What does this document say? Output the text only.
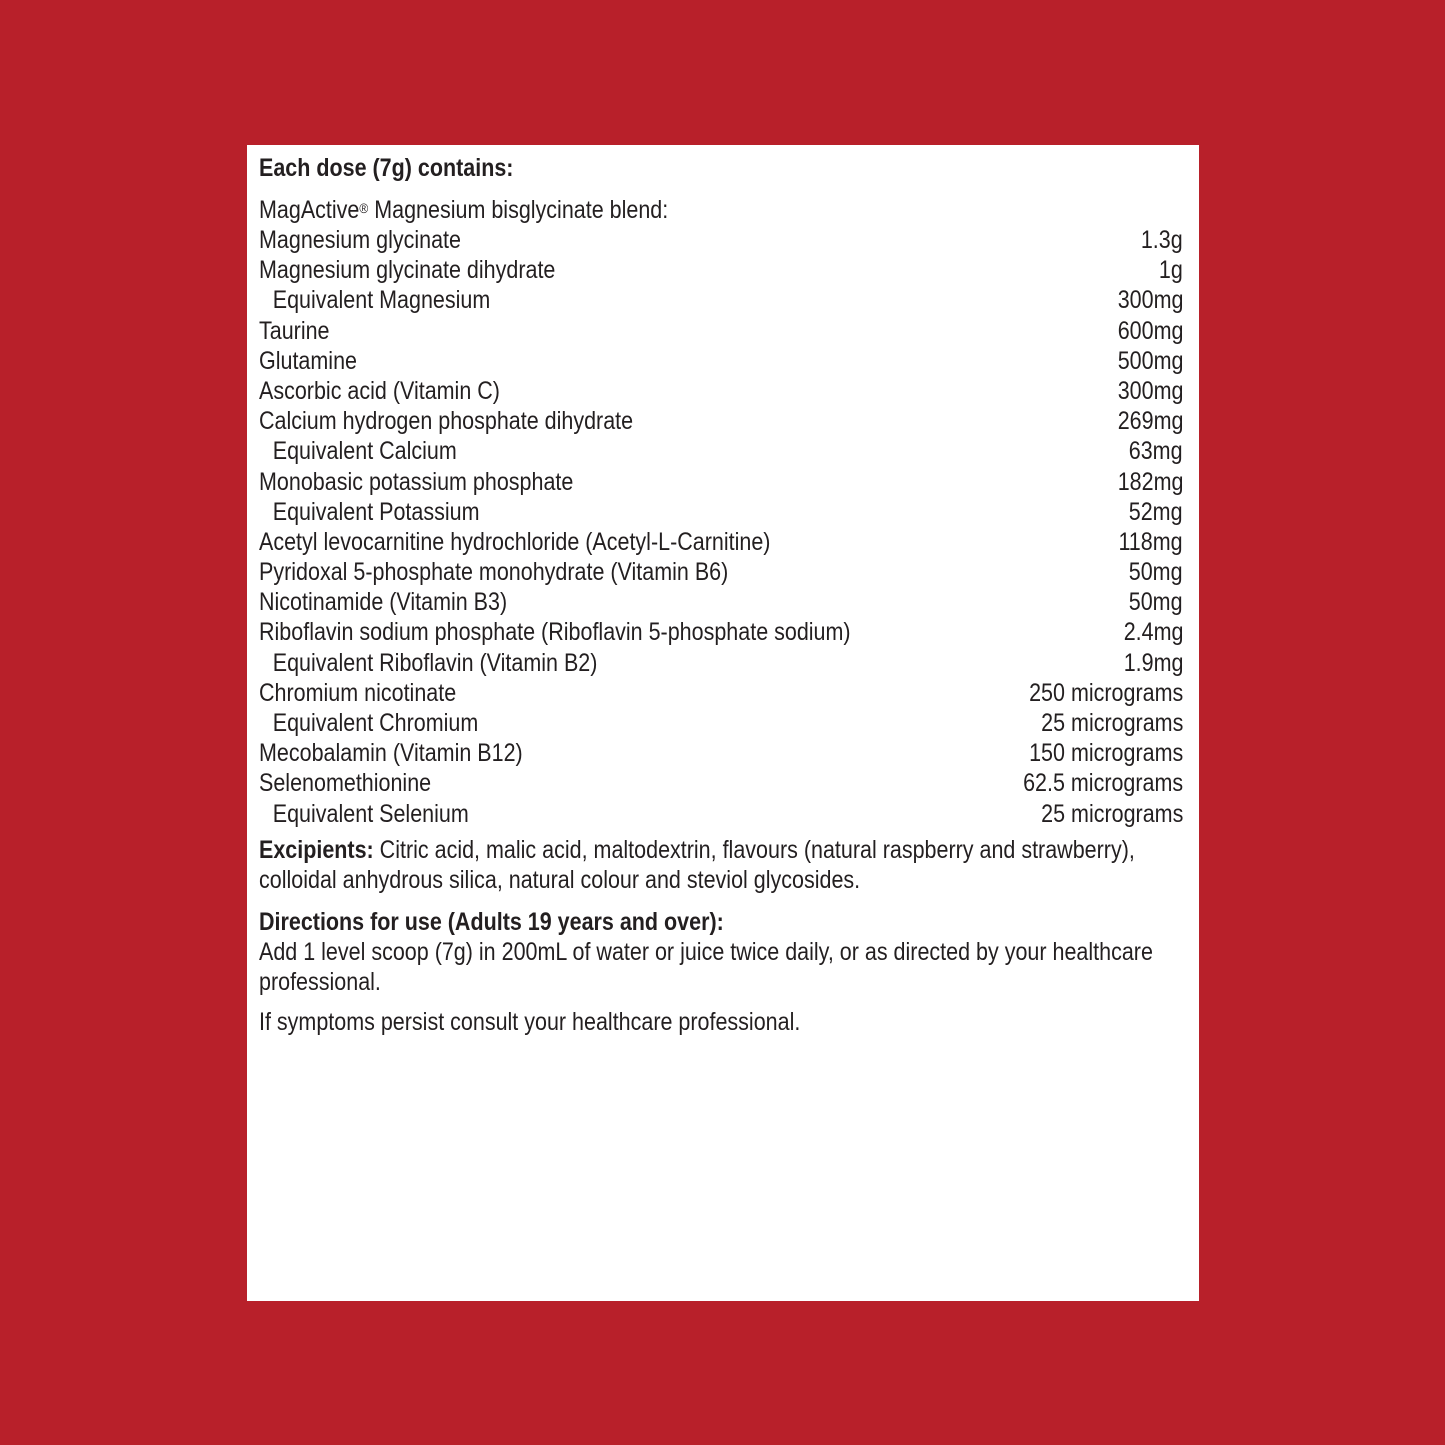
Each dose (7g) contains:
MagActive® Magnesium bisglycinate blend:
Magnesium glycinate	1.3g
Magnesium glycinate dihydrate	1g
Equivalent Magnesium	300mg
Taurine	600mg
Glutamine	500mg
Ascorbic acid (Vitamin C)	300mg
Calcium hydrogen phosphate dihydrate	269mg
Equivalent Calcium	63mg
Monobasic potassium phosphate	182mg
Equivalent Potassium	52mg
Acetyl levocarnitine hydrochloride (Acetyl-L-Carnitine)	118mg
Pyridoxal 5-phosphate monohydrate (Vitamin B6)	50mg
Nicotinamide (Vitamin B3)	50mg
Riboflavin sodium phosphate (Riboflavin 5-phosphate sodium)	2.4mg
Equivalent Riboflavin (Vitamin B2)	1.9mg
Chromium nicotinate	250 micrograms
Equivalent Chromium	25 micrograms
Mecobalamin (Vitamin B12)	150 micrograms
Selenomethionine	62.5 micrograms
Equivalent Selenium	25 micrograms

Excipients: Citric acid, malic acid, maltodextrin, flavours (natural raspberry and strawberry), colloidal anhydrous silica, natural colour and steviol glycosides.

Directions for use (Adults 19 years and over):

Add 1 level scoop (7g) in 200mL of water or juice twice daily, or as directed by your healthcare professional.

If symptoms persist consult your healthcare professional.
